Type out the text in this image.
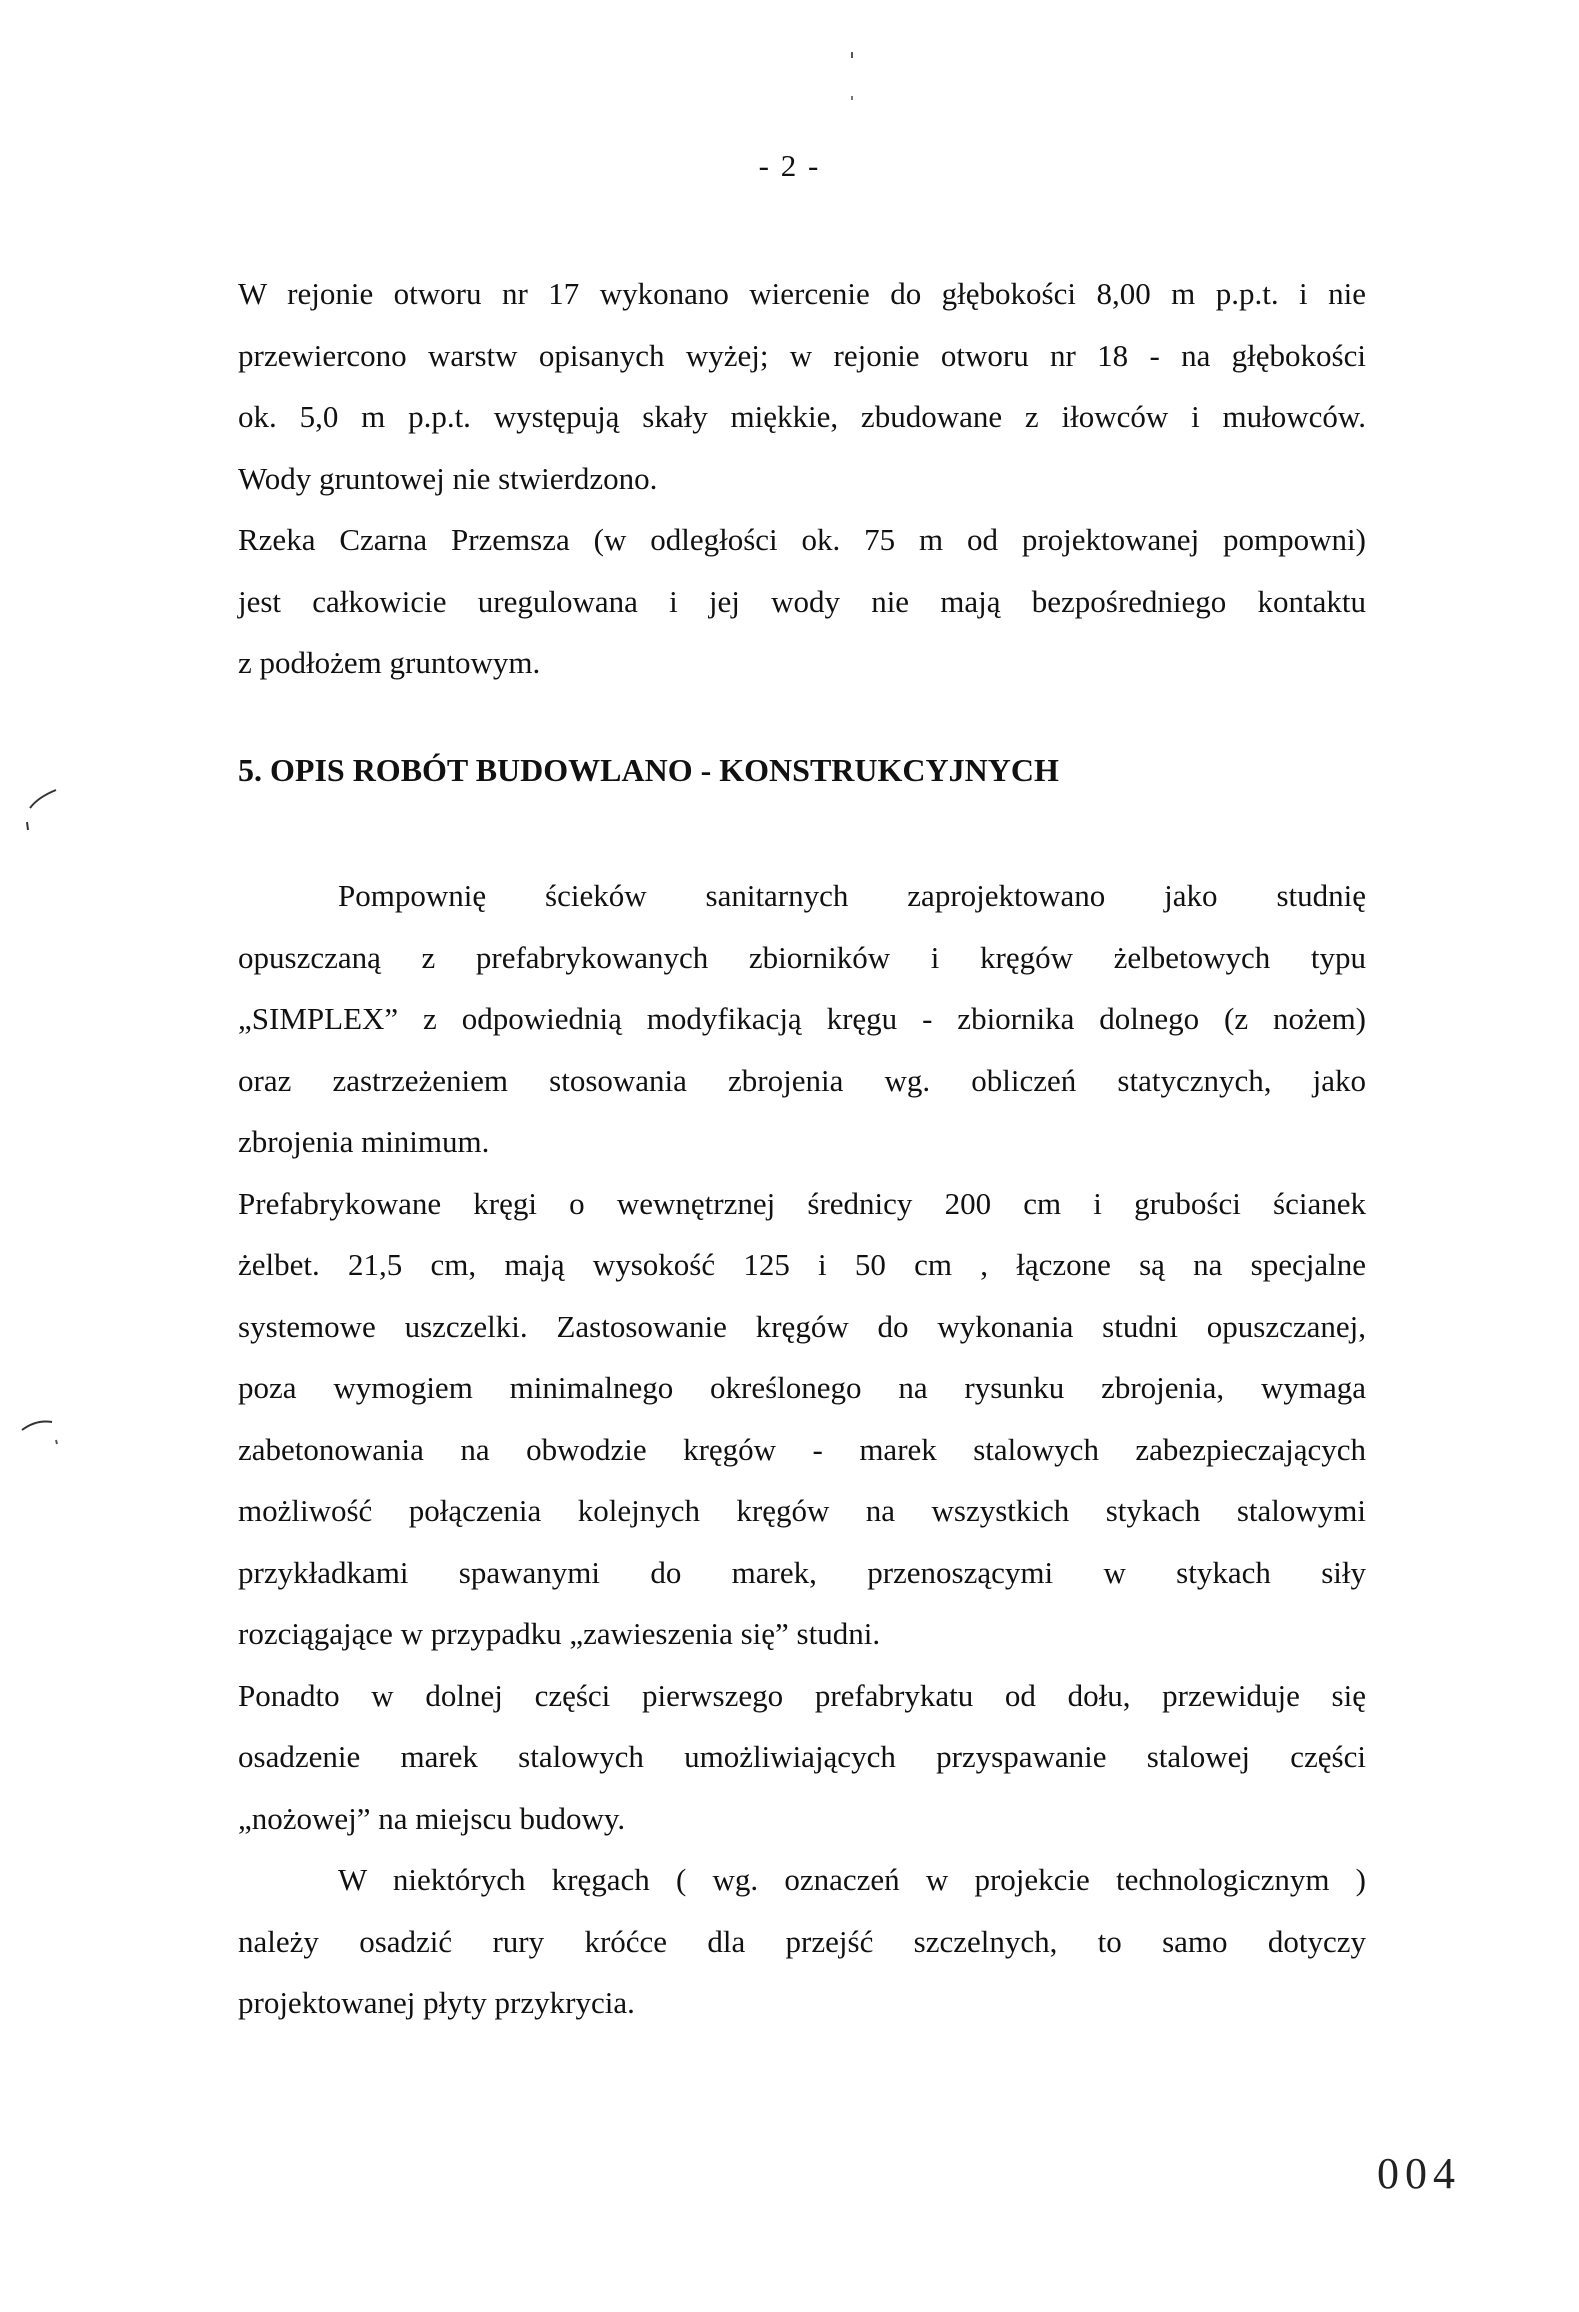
- 2 -
W rejonie otworu nr 17 wykonano wiercenie do głębokości 8,00 m p.p.t. i nie
przewiercono warstw opisanych wyżej; w rejonie otworu nr 18 - na głębokości
ok. 5,0 m p.p.t. występują skały miękkie, zbudowane z iłowców i mułowców.
Wody gruntowej nie stwierdzono.
Rzeka Czarna Przemsza (w odległości ok. 75 m od projektowanej pompowni)
jest całkowicie uregulowana i jej wody nie mają bezpośredniego kontaktu
z podłożem gruntowym.
5. OPIS ROBÓT BUDOWLANO - KONSTRUKCYJNYCH
Pompownię ścieków sanitarnych zaprojektowano jako studnię
opuszczaną z prefabrykowanych zbiorników i kręgów żelbetowych typu
„SIMPLEX” z odpowiednią modyfikacją kręgu - zbiornika dolnego (z nożem)
oraz zastrzeżeniem stosowania zbrojenia wg. obliczeń statycznych, jako
zbrojenia minimum.
Prefabrykowane kręgi o wewnętrznej średnicy 200 cm i grubości ścianek
żelbet. 21,5 cm, mają wysokość 125 i 50 cm , łączone są na specjalne
systemowe uszczelki. Zastosowanie kręgów do wykonania studni opuszczanej,
poza wymogiem minimalnego określonego na rysunku zbrojenia, wymaga
zabetonowania na obwodzie kręgów - marek stalowych zabezpieczających
możliwość połączenia kolejnych kręgów na wszystkich stykach stalowymi
przykładkami spawanymi do marek, przenoszącymi w stykach siły
rozciągające w przypadku „zawieszenia się” studni.
Ponadto w dolnej części pierwszego prefabrykatu od dołu, przewiduje się
osadzenie marek stalowych umożliwiających przyspawanie stalowej części
„nożowej” na miejscu budowy.
W niektórych kręgach ( wg. oznaczeń w projekcie technologicznym )
należy osadzić rury króćce dla przejść szczelnych, to samo dotyczy
projektowanej płyty przykrycia.
004
